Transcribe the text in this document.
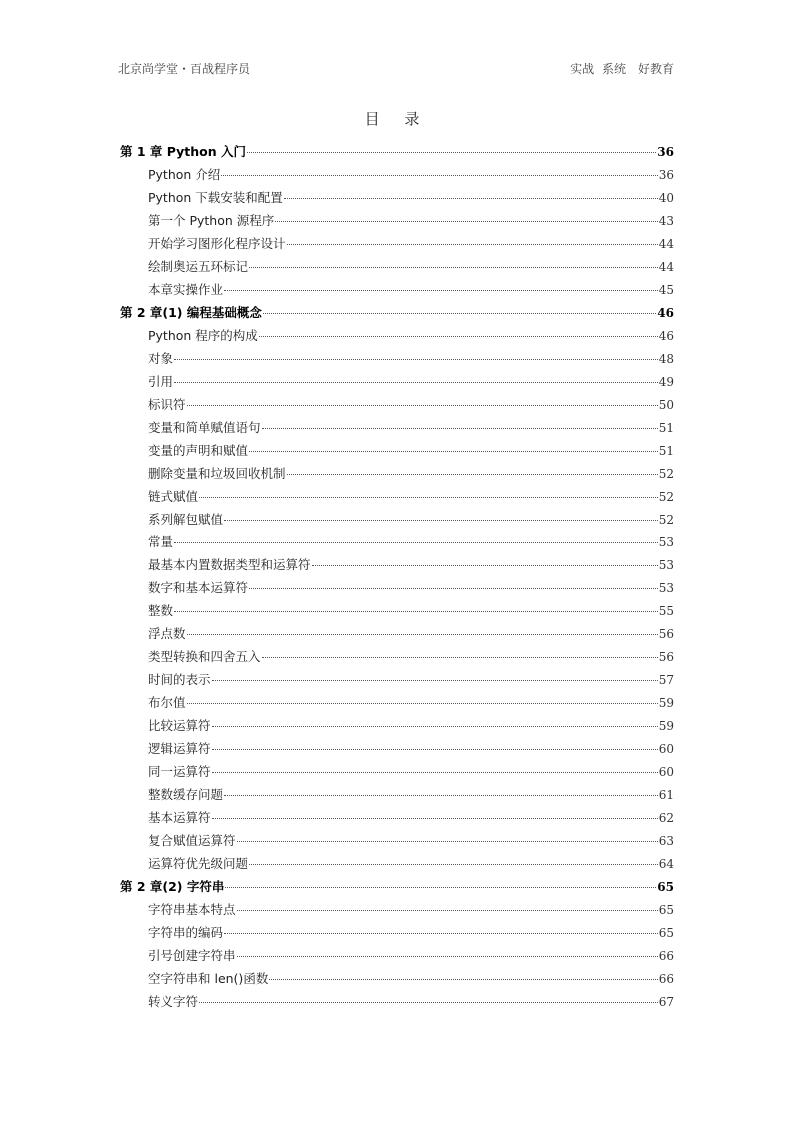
北京尚学堂・百战程序员	实战 系统　好教育
目 录
第 1 章 Python 入门	36
Python 介绍	36
Python 下载安装和配置	40
第一个 Python 源程序	43
开始学习图形化程序设计	44
绘制奥运五环标记	44
本章实操作业	45
第 2 章(1) 编程基础概念	46
Python 程序的构成	46
对象	48
引用	49
标识符	50
变量和简单赋值语句	51
变量的声明和赋值	51
删除变量和垃圾回收机制	52
链式赋值	52
系列解包赋值	52
常量	53
最基本内置数据类型和运算符	53
数字和基本运算符	53
整数	55
浮点数	56
类型转换和四舍五入	56
时间的表示	57
布尔值	59
比较运算符	59
逻辑运算符	60
同一运算符	60
整数缓存问题	61
基本运算符	62
复合赋值运算符	63
运算符优先级问题	64
第 2 章(2) 字符串	65
字符串基本特点	65
字符串的编码	65
引号创建字符串	66
空字符串和 len()函数	66
转义字符	67
